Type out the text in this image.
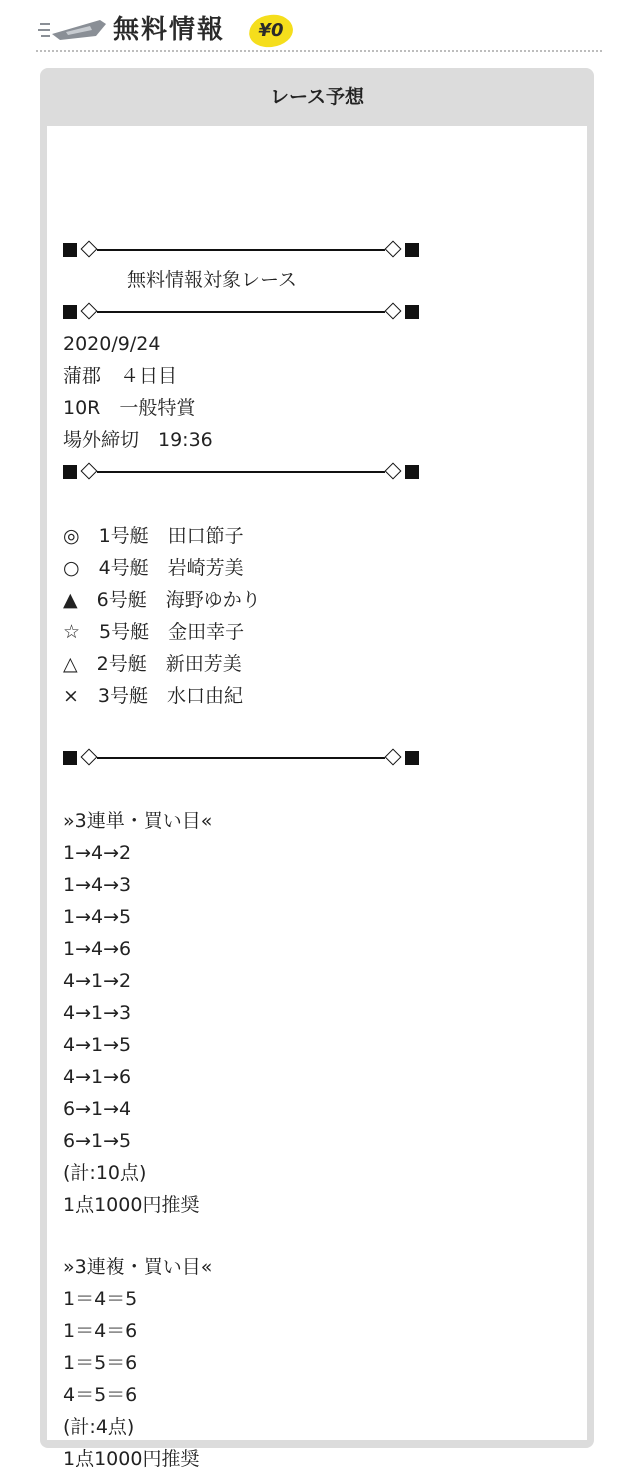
無料情報	¥0
レース予想
無料情報対象レース
2020/9/24
蒲郡　４日目
10R　一般特賞
場外締切　19:36
◎　1号艇　田口節子
○　4号艇　岩崎芳美
▲　6号艇　海野ゆかり
☆　5号艇　金田幸子
△　2号艇　新田芳美
×　3号艇　水口由紀
»3連単・買い目«
1→4→2
1→4→3
1→4→5
1→4→6
4→1→2
4→1→3
4→1→5
4→1→6
6→1→4
6→1→5
(計:10点)
1点1000円推奨
»3連複・買い目«
1＝4＝5
1＝4＝6
1＝5＝6
4＝5＝6
(計:4点)
1点1000円推奨
